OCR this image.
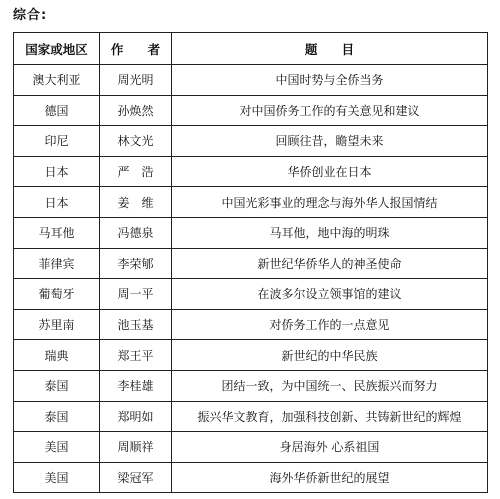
综合:
国家或地区	作 者	题 目
澳大利亚	周光明	中国时势与全侨当务
德国	孙焕然	对中国侨务工作的有关意见和建议
印尼	林文光	回顾往昔，瞻望未来
日本	严　浩	华侨创业在日本
日本	姜　维	中国光彩事业的理念与海外华人报国情结
马耳他	冯德泉	马耳他，地中海的明珠
菲律宾	李荣郇	新世纪华侨华人的神圣使命
葡萄牙	周一平	在波多尔设立领事馆的建议
苏里南	池玉基	对侨务工作的一点意见
瑞典	郑王平	新世纪的中华民族
泰国	李桂雄	团结一致，为中国统一、民族振兴而努力
泰国	郑明如	振兴华文教育，加强科技创新、共铸新世纪的辉煌
美国	周顺祥	身居海外 心系祖国
美国	梁冠军	海外华侨新世纪的展望
